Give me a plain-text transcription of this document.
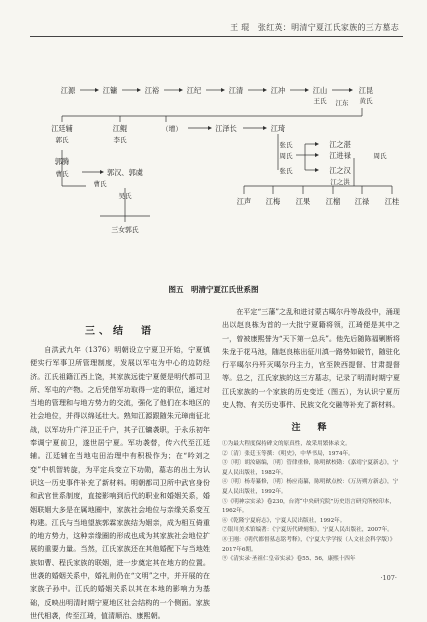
王 琨　张红英：明清宁夏江氏家族的三方墓志
江源	江镛	江裕	江纪	江清	江冲	江山
江东
江昆
王氏	黄氏
江廷辅
郭氏
江鲲
李氏
（增）	江泽长	江琦
张氏
周氏
张氏
江之湛
江进禄	周氏
江之汉
江之洪
郭腾
曹氏	郭汉、郭虞
吴氏
曹氏
三女郭氏
江声 江梅 江果 江榴 江禄 江桂
图五　明清宁夏江氏世系图
三、结　语

自洪武九年（1376）明朝设立宁夏卫开始，宁夏镇便实行军事卫所管理制度，发展以军屯为中心的边防经济。江氏祖籍江西上饶，其家族远徙宁夏便是明代都司卫所、军屯的产物。之后凭借军功取得一定的职位，通过对当地的管理和与地方势力的交流，强化了他们在本地区的社会地位，并得以绵延壮大。熟知江源跟随朱元璋南征北战，以军功升广洋卫正千户，其子江镛袭职，于永乐初年奉调宁夏前卫，遂世居宁夏。军功袭替，传六代至江廷辅。江廷辅在当地屯田治理中有积极作为；在“吟刘之变”中机智转旋，为平定兵变立下功勋，墓志的出土为认识这一历史事件补充了新材料。明朝都司卫所中武官身份和武官世系制度，直接影响到后代的职业和婚姻关系，婚姻联姻大多是在属地圈中，家族社会地位与亲缘关系变互构建。江氏与当地望族郭霖家族结为姻亲，成为相互倚重的地方势力，这种亲缘圈的形成也成为其家族社会地位扩展的重要力量。当然，江氏家族还在其他婚配下与当地姓族如曹、程氏家族的联姻，进一步奠定其在地方的位置。世袭的婚姻关系中，婚礼则仍在“文明”之中，并开展的在家族子孙中。江氏的婚姻关系以其在本地的影响力为基础，反映出明清时期宁夏地区社会结构的一个侧面。家族世代相袭，传至江琦，值清顺治、康熙朝。

在平定“三藩”之乱和进讨蒙古噶尔丹等战役中，涌现出以赵良栋为首的一大批宁夏籍将领，江琦便是其中之一，曾被康熙誉为“天下第一总兵”。他先后随陈福剿断将朱龙于花马池，随赵良栋出征川滇一路势如破竹，随驻化行平噶尔丹歼灭噶尔丹主力，官至陕西提督、甘肃提督等。总之，江氏家族的这三方墓志，记录了明清时期宁夏江氏家族的一个家族的历史变迁（图五），为认识宁夏历史人物、有关历史事件、民族文化交融等补充了新材料。

注　释
①为最大程度保持碑文的原真性，故采用繁体录文。
②〔清〕张廷玉等撰：《明史》，中华书局，1974年。
③〔明〕胡汝砺编，〔明〕管律重修，陈明猷校勘：《嘉靖宁夏新志》，宁夏人民出版社，1982年。
④〔明〕杨寿纂修，〔明〕杨应南纂，陈明猷点校：《万历朔方新志》，宁夏人民出版社，1992年。
⑤《明神宗实录》卷230，台湾“中央研究院”历史语言研究所校印本，1962年。
⑥《乾隆宁夏府志》，宁夏人民出版社，1992年。
⑦银川美术馆编著：《宁夏历代碑刻集》，宁夏人民出版社，2007年。
⑧王刚：《明代都督墓志铭考释》，《宁夏大学学报（人文社会科学版）》2017年6期。
⑨《清实录·圣祖仁皇帝实录》卷55、56，康熙十四年
·107·
